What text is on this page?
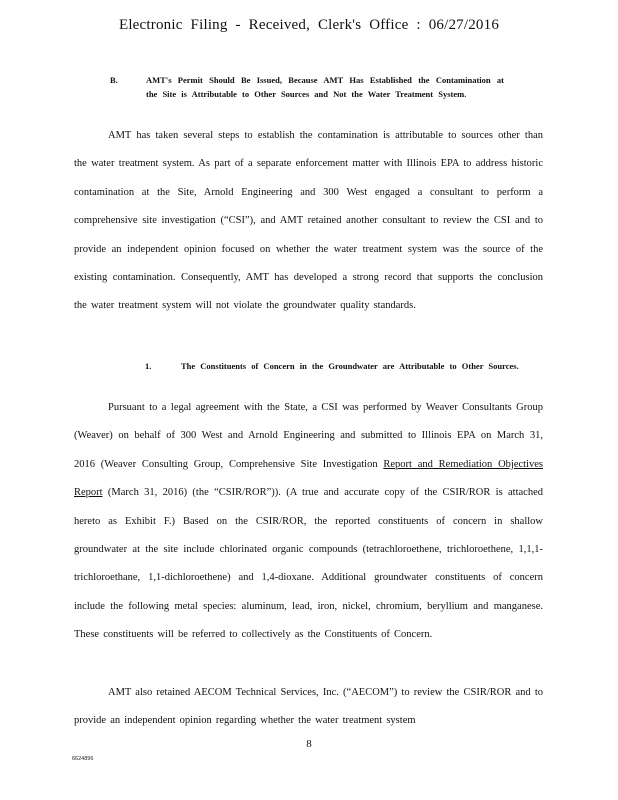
Electronic Filing - Received, Clerk's Office : 06/27/2016
B.	AMT's Permit Should Be Issued, Because AMT Has Established the Contamination at the Site is Attributable to Other Sources and Not the Water Treatment System.

AMT has taken several steps to establish the contamination is attributable to sources other than the water treatment system. As part of a separate enforcement matter with Illinois EPA to address historic contamination at the Site, Arnold Engineering and 300 West engaged a consultant to perform a comprehensive site investigation (“CSI”), and AMT retained another consultant to review the CSI and to provide an independent opinion focused on whether the water treatment system was the source of the existing contamination. Consequently, AMT has developed a strong record that supports the conclusion the water treatment system will not violate the groundwater quality standards.

1.	The Constituents of Concern in the Groundwater are Attributable to Other Sources.

Pursuant to a legal agreement with the State, a CSI was performed by Weaver Consultants Group (Weaver) on behalf of 300 West and Arnold Engineering and submitted to Illinois EPA on March 31, 2016 (Weaver Consulting Group, Comprehensive Site Investigation Report and Remediation Objectives Report (March 31, 2016) (the “CSIR/ROR”)). (A true and accurate copy of the CSIR/ROR is attached hereto as Exhibit F.) Based on the CSIR/ROR, the reported constituents of concern in shallow groundwater at the site include chlorinated organic compounds (tetrachloroethene, trichloroethene, 1,1,1-trichloroethane, 1,1-dichloroethene) and 1,4-dioxane. Additional groundwater constituents of concern include the following metal species: aluminum, lead, iron, nickel, chromium, beryllium and manganese. These constituents will be referred to collectively as the Constituents of Concern.

AMT also retained AECOM Technical Services, Inc. (“AECOM”) to review the CSIR/ROR and to provide an independent opinion regarding whether the water treatment system

8
6624896
